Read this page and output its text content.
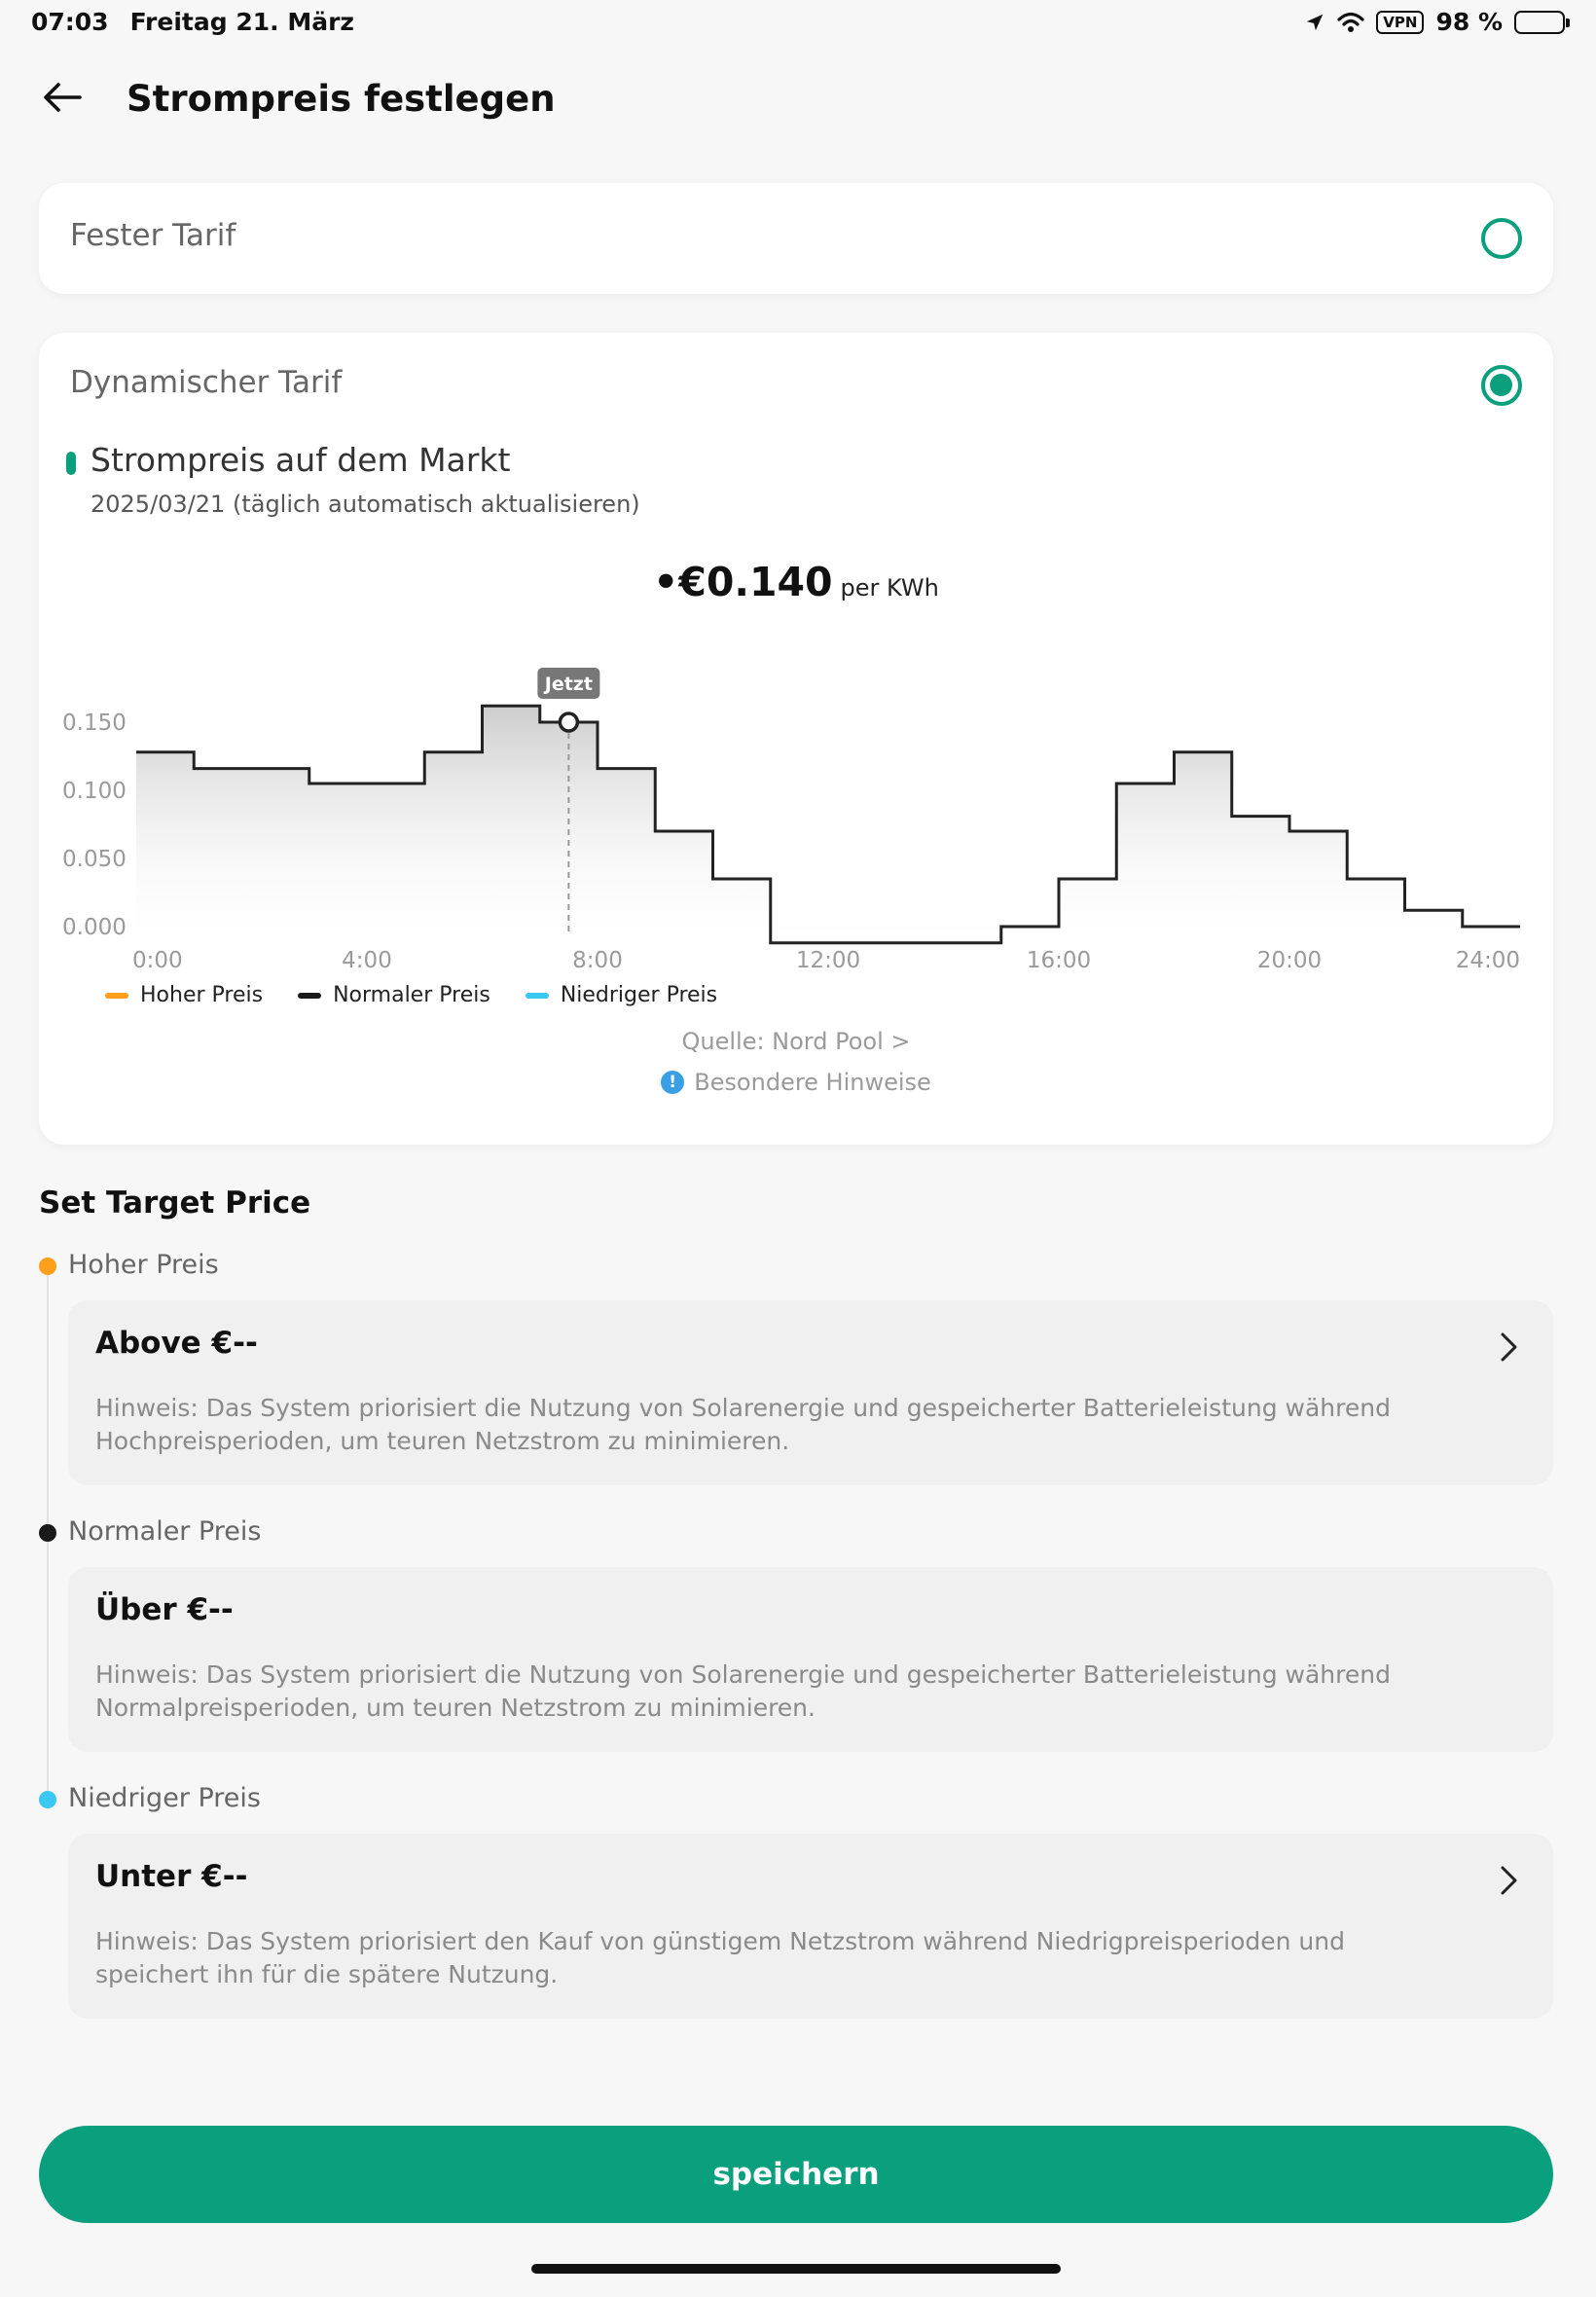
07:03 Freitag 21. März	VPN 98 %
Strompreis festlegen
Fester Tarif
Dynamischer Tarif
Strompreis auf dem Markt
2025/03/21 (täglich automatisch aktualisieren)
•€0.140 per KWh
0.150
0.100
0.050
0.000
0:00	4:00	8:00	12:00	16:00	20:00	24:00
Jetzt
Hoher Preis	Normaler Preis	Niedriger Preis
Quelle: Nord Pool >
! Besondere Hinweise
Set Target Price
Hoher Preis
Above €--
Hinweis: Das System priorisiert die Nutzung von Solarenergie und gespeicherter Batterieleistung während Hochpreisperioden, um teuren Netzstrom zu minimieren.
Normaler Preis
Über €--
Hinweis: Das System priorisiert die Nutzung von Solarenergie und gespeicherter Batterieleistung während Normalpreisperioden, um teuren Netzstrom zu minimieren.
Niedriger Preis
Unter €--
Hinweis: Das System priorisiert den Kauf von günstigem Netzstrom während Niedrigpreisperioden und speichert ihn für die spätere Nutzung.
speichern
